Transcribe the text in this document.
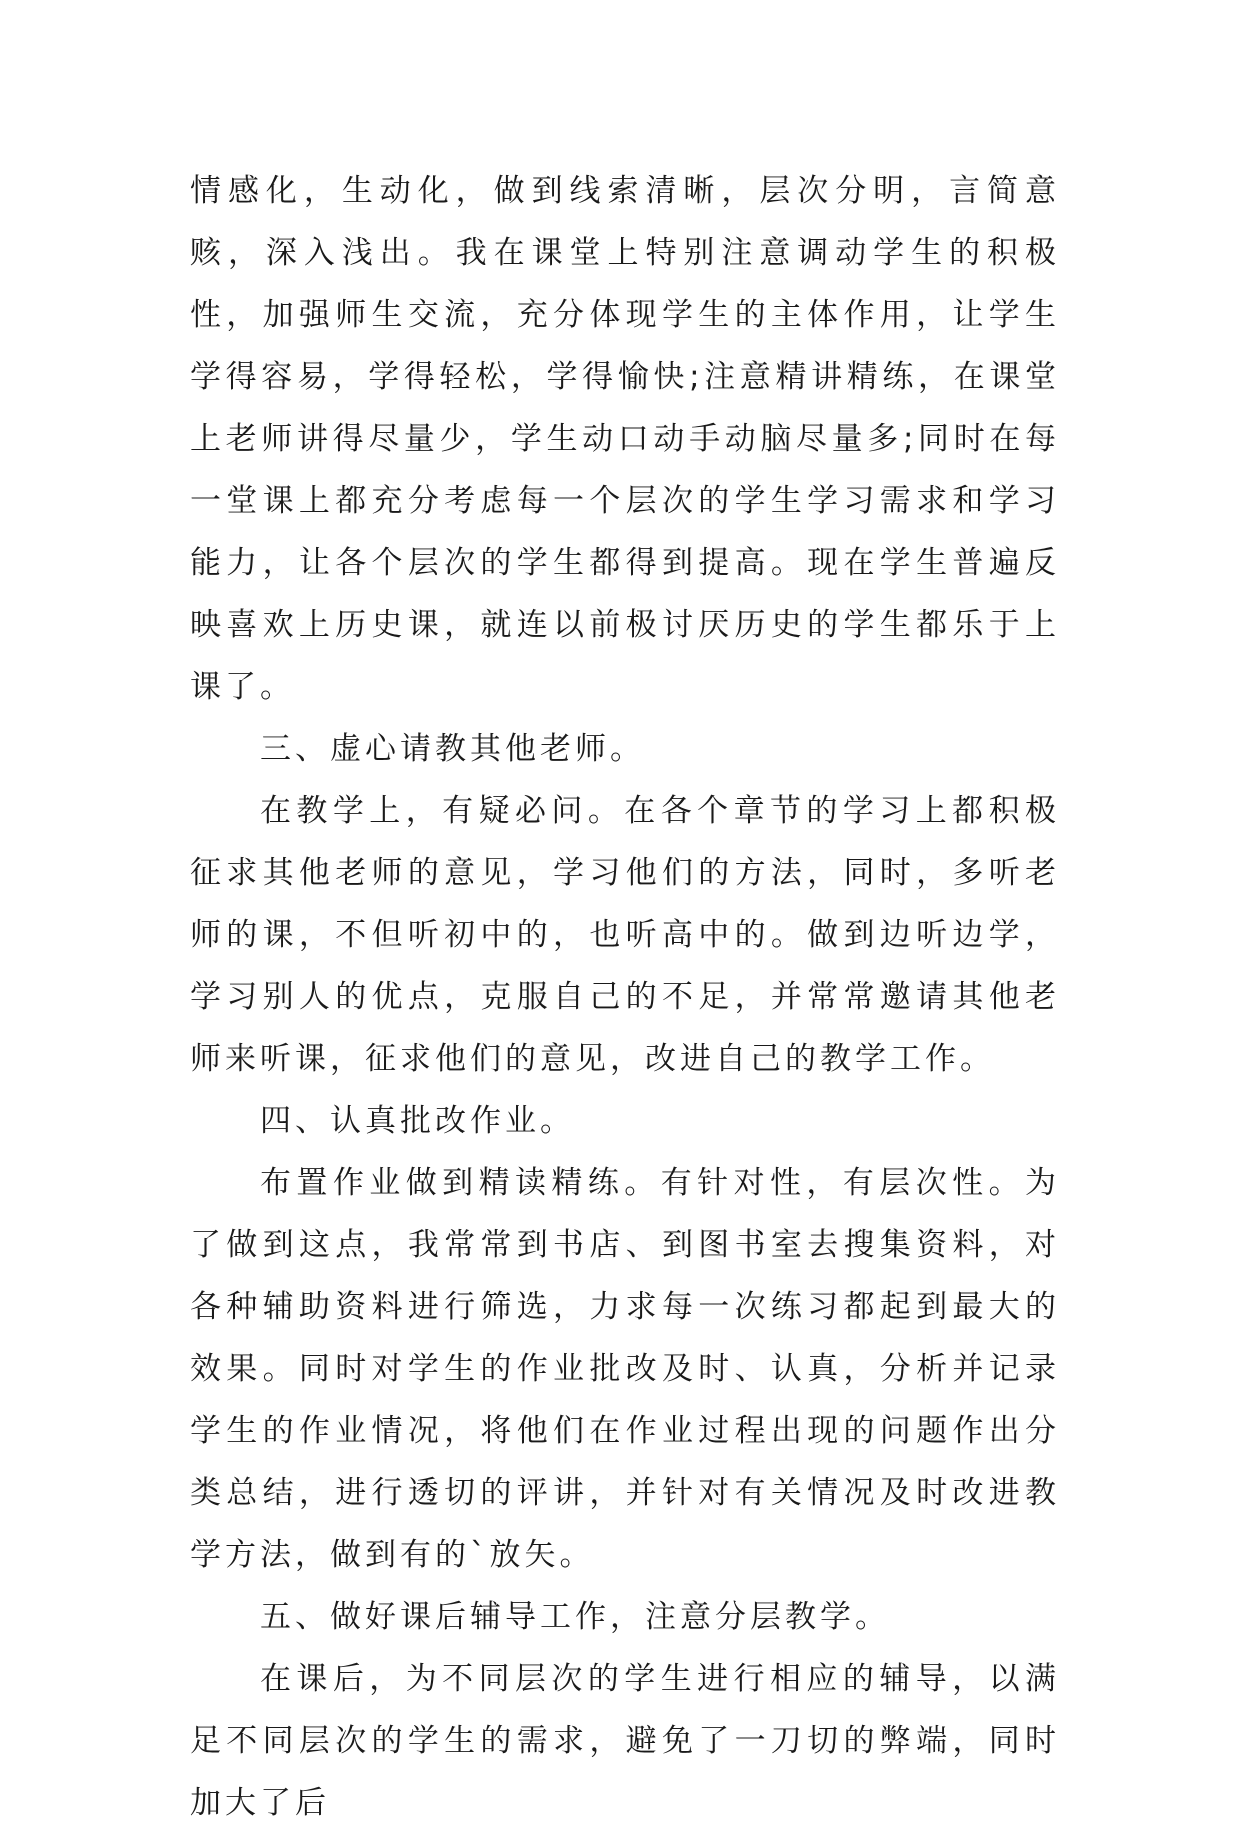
情感化，生动化，做到线索清晰，层次分明，言简意赅，深入浅出。我在课堂上特别注意调动学生的积极性，加强师生交流，充分体现学生的主体作用，让学生学得容易，学得轻松，学得愉快;注意精讲精练，在课堂上老师讲得尽量少，学生动口动手动脑尽量多;同时在每一堂课上都充分考虑每一个层次的学生学习需求和学习能力，让各个层次的学生都得到提高。现在学生普遍反映喜欢上历史课，就连以前极讨厌历史的学生都乐于上课了。

三、虚心请教其他老师。

在教学上，有疑必问。在各个章节的学习上都积极征求其他老师的意见，学习他们的方法，同时，多听老师的课，不但听初中的，也听高中的。做到边听边学，学习别人的优点，克服自己的不足，并常常邀请其他老师来听课，征求他们的意见，改进自己的教学工作。

四、认真批改作业。

布置作业做到精读精练。有针对性，有层次性。为了做到这点，我常常到书店、到图书室去搜集资料，对各种辅助资料进行筛选，力求每一次练习都起到最大的效果。同时对学生的作业批改及时、认真，分析并记录学生的作业情况，将他们在作业过程出现的问题作出分类总结，进行透切的评讲，并针对有关情况及时改进教学方法，做到有的`放矢。

五、做好课后辅导工作，注意分层教学。

在课后，为不同层次的学生进行相应的辅导，以满足不同层次的学生的需求，避免了一刀切的弊端，同时加大了后
